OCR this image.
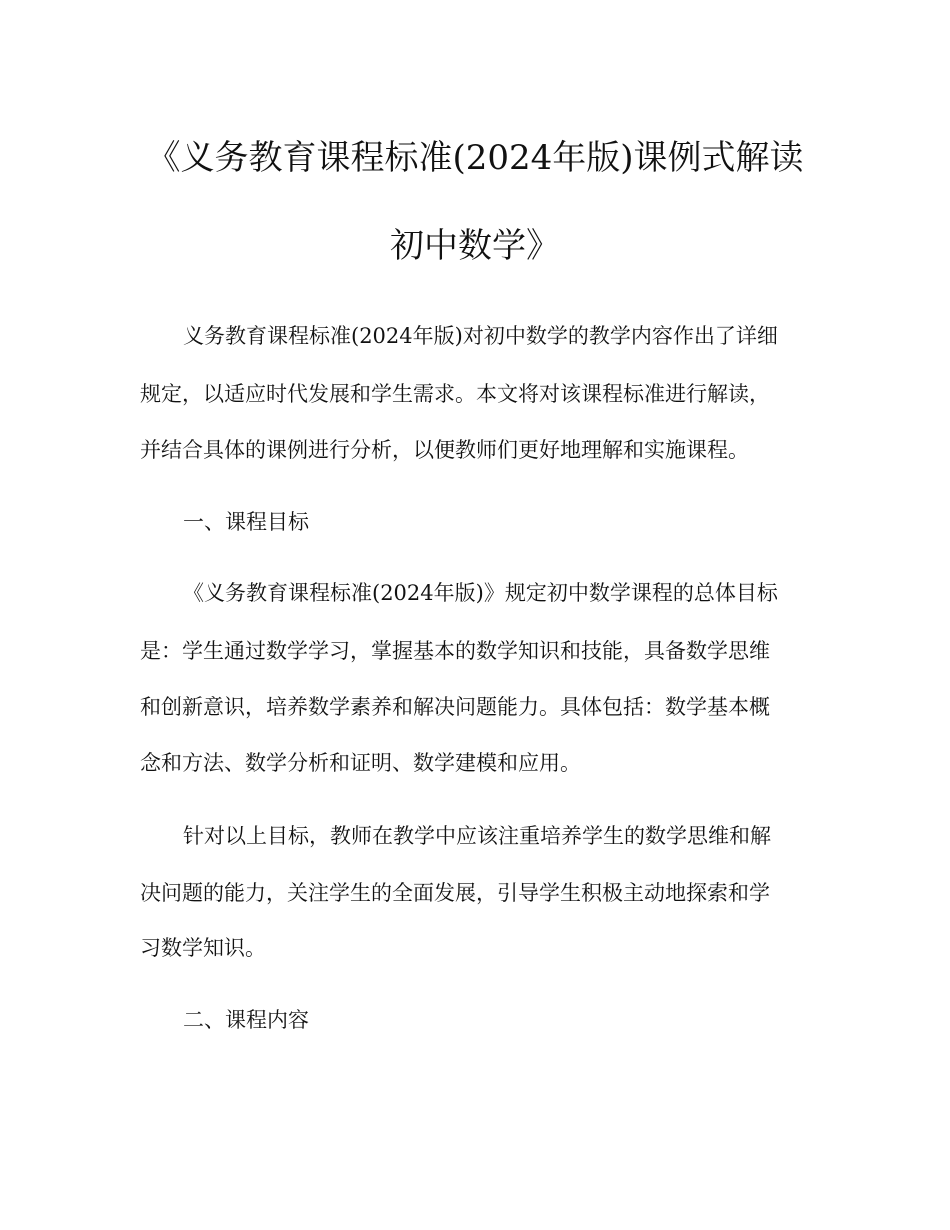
《义务教育课程标准(2024年版)课例式解读
初中数学》
义务教育课程标准(2024年版)对初中数学的教学内容作出了详细
规定，以适应时代发展和学生需求。本文将对该课程标准进行解读，
并结合具体的课例进行分析，以便教师们更好地理解和实施课程。
一、课程目标
《义务教育课程标准(2024年版)》规定初中数学课程的总体目标
是：学生通过数学学习，掌握基本的数学知识和技能，具备数学思维
和创新意识，培养数学素养和解决问题能力。具体包括：数学基本概
念和方法、数学分析和证明、数学建模和应用。
针对以上目标，教师在教学中应该注重培养学生的数学思维和解
决问题的能力，关注学生的全面发展，引导学生积极主动地探索和学
习数学知识。
二、课程内容
